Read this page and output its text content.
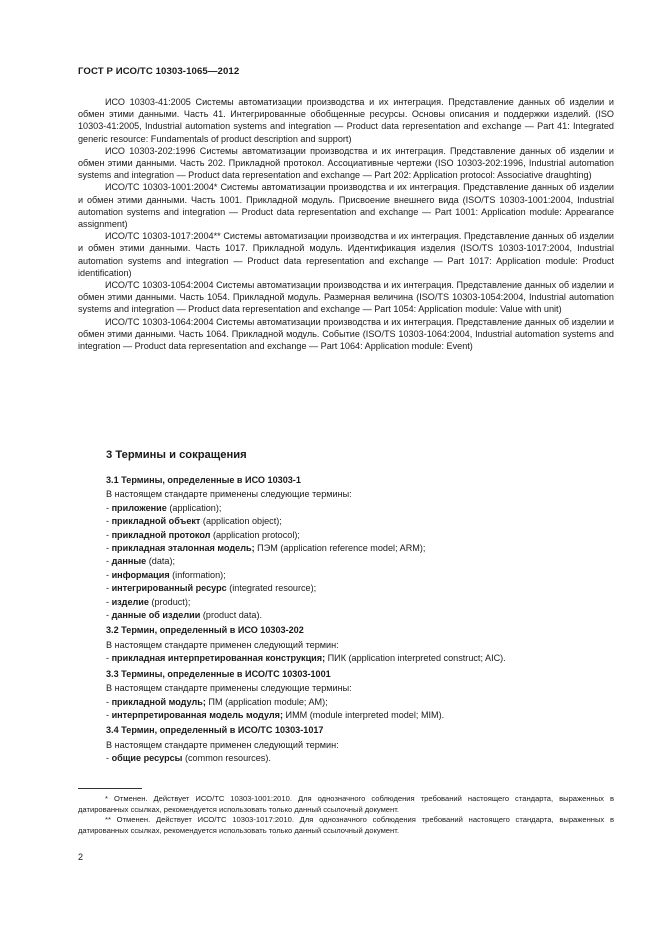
ГОСТ Р ИСО/ТС 10303-1065—2012

ИСО 10303-41:2005 Системы автоматизации производства и их интеграция. Представление данных об изделии и обмен этими данными. Часть 41. Интегрированные обобщенные ресурсы. Основы описания и поддержки изделий. (ISO 10303-41:2005, Industrial automation systems and integration — Product data representation and exchange — Part 41: Integrated generic resource: Fundamentals of product description and support)

ИСО 10303-202:1996 Системы автоматизации производства и их интеграция. Представление данных об изделии и обмен этими данными. Часть 202. Прикладной протокол. Ассоциативные чертежи (ISO 10303-202:1996, Industrial automation systems and integration — Product data representation and exchange — Part 202: Application protocol: Associative draughting)

ИСО/ТС 10303-1001:2004* Системы автоматизации производства и их интеграция. Представление данных об изделии и обмен этими данными. Часть 1001. Прикладной модуль. Присвоение внешнего вида (ISO/TS 10303-1001:2004, Industrial automation systems and integration — Product data representation and exchange — Part 1001: Application module: Appearance assignment)

ИСО/ТС 10303-1017:2004** Системы автоматизации производства и их интеграция. Представление данных об изделии и обмен этими данными. Часть 1017. Прикладной модуль. Идентификация изделия (ISO/TS 10303-1017:2004, Industrial automation systems and integration — Product data representation and exchange — Part 1017: Application module: Product identification)

ИСО/ТС 10303-1054:2004 Системы автоматизации производства и их интеграция. Представление данных об изделии и обмен этими данными. Часть 1054. Прикладной модуль. Размерная величина (ISO/TS 10303-1054:2004, Industrial automation systems and integration — Product data representation and exchange — Part 1054: Application module: Value with unit)

ИСО/ТС 10303-1064:2004 Системы автоматизации производства и их интеграция. Представление данных об изделии и обмен этими данными. Часть 1064. Прикладной модуль. Событие (ISO/TS 10303-1064:2004, Industrial automation systems and integration — Product data representation and exchange — Part 1064: Application module: Event)

3 Термины и сокращения

3.1 Термины, определенные в ИСО 10303-1

В настоящем стандарте применены следующие термины:

- приложение (application);

- прикладной объект (application object);

- прикладной протокол (application protocol);

- прикладная эталонная модель; ПЭМ (application reference model; ARM);

- данные (data);

- информация (information);

- интегрированный ресурс (integrated resource);

- изделие (product);

- данные об изделии (product data).

3.2 Термин, определенный в ИСО 10303-202

В настоящем стандарте применен следующий термин:

- прикладная интерпретированная конструкция; ПИК (application interpreted construct; AIC).

3.3 Термины, определенные в ИСО/ТС 10303-1001

В настоящем стандарте применены следующие термины:

- прикладной модуль; ПМ (application module; AM);

- интерпретированная модель модуля; ИММ (module interpreted model; MIM).

3.4 Термин, определенный в ИСО/ТС 10303-1017

В настоящем стандарте применен следующий термин:

- общие ресурсы (common resources).

* Отменен. Действует ИСО/ТС 10303-1001:2010. Для однозначного соблюдения требований настоящего стандарта, выраженных в датированных ссылках, рекомендуется использовать только данный ссылочный документ.

** Отменен. Действует ИСО/ТС 10303-1017:2010. Для однозначного соблюдения требований настоящего стандарта, выраженных в датированных ссылках, рекомендуется использовать только данный ссылочный документ.

2
